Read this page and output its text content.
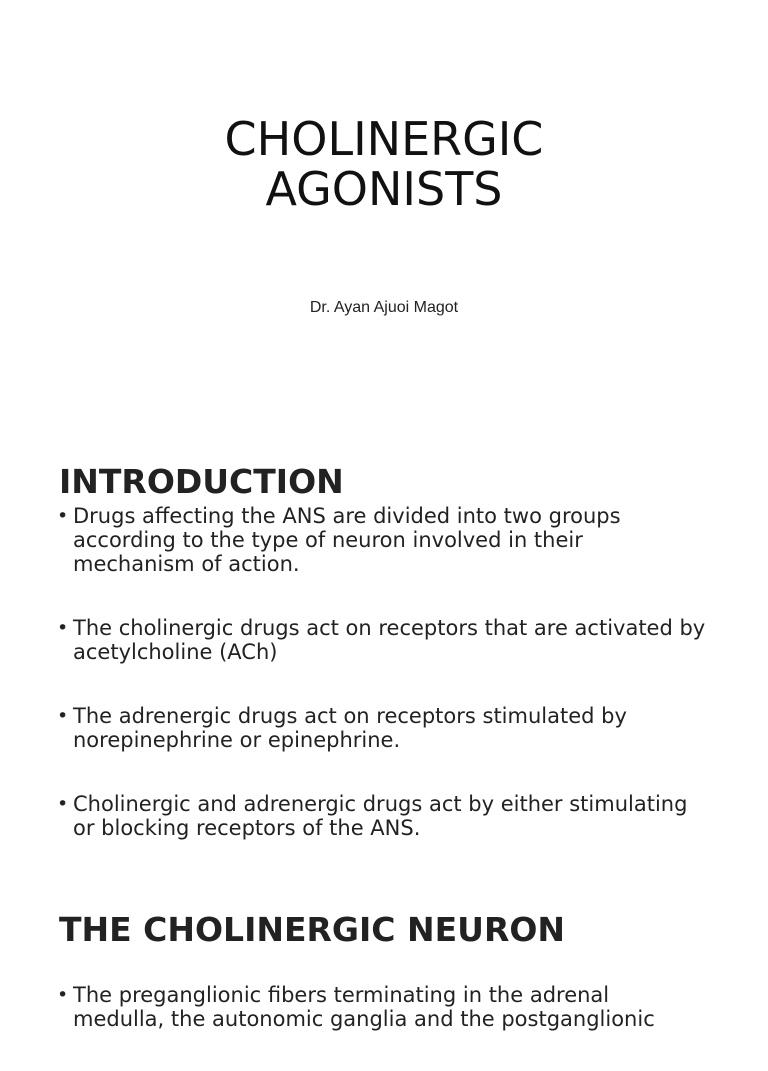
CHOLINERGIC
AGONISTS

Dr. Ayan Ajuoi Magot

INTRODUCTION
• Drugs affecting the ANS are divided into two groups according to the type of neuron involved in their mechanism of action.
• The cholinergic drugs act on receptors that are activated by acetylcholine (ACh)
• The adrenergic drugs act on receptors stimulated by norepinephrine or epinephrine.
• Cholinergic and adrenergic drugs act by either stimulating or blocking receptors of the ANS.
THE CHOLINERGIC NEURON
• The preganglionic fibers terminating in the adrenal medulla, the autonomic ganglia and the postganglionic
